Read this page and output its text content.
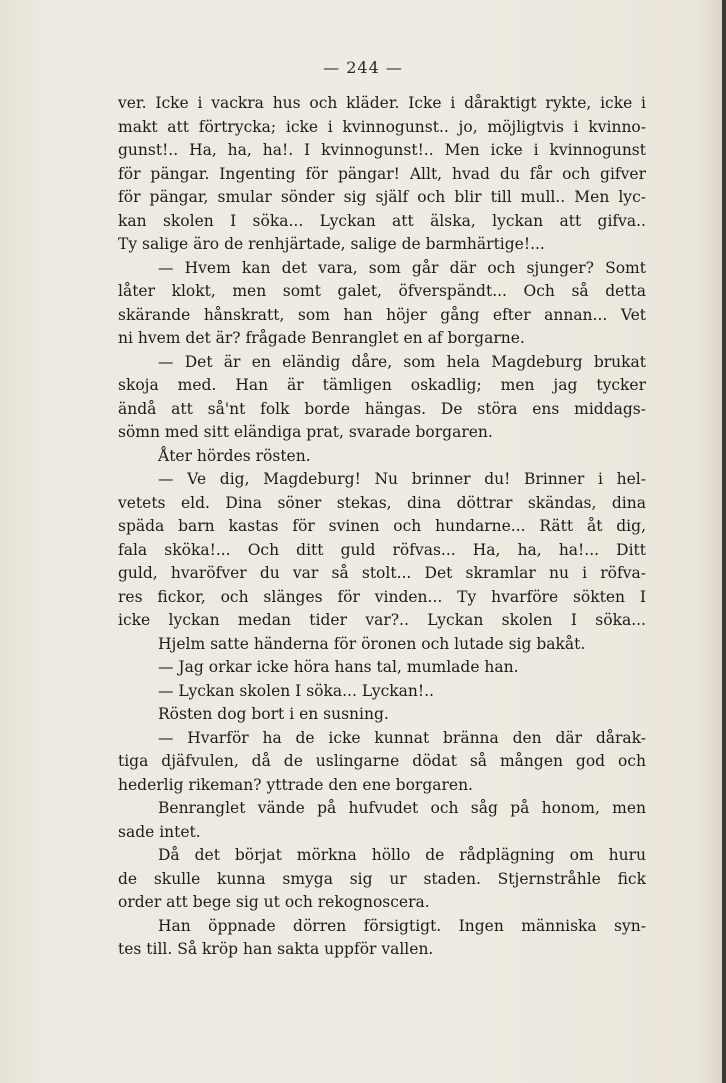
— 244 —
ver. Icke i vackra hus och kläder. Icke i dåraktigt rykte, icke i
makt att förtrycka; icke i kvinnogunst.. jo, möjligtvis i kvinno-
gunst!.. Ha, ha, ha!. I kvinnogunst!.. Men icke i kvinnogunst
för pängar. Ingenting för pängar! Allt, hvad du får och gifver
för pängar, smular sönder sig själf och blir till mull.. Men lyc-
kan skolen I söka... Lyckan att älska, lyckan att gifva..
Ty salige äro de renhjärtade, salige de barmhärtige!...
— Hvem kan det vara, som går där och sjunger? Somt
låter klokt, men somt galet, öfverspändt... Och så detta
skärande hånskratt, som han höjer gång efter annan... Vet
ni hvem det är? frågade Benranglet en af borgarne.
— Det är en eländig dåre, som hela Magdeburg brukat
skoja med. Han är tämligen oskadlig; men jag tycker
ändå att så'nt folk borde hängas. De störa ens middags-
sömn med sitt eländiga prat, svarade borgaren.
Åter hördes rösten.
— Ve dig, Magdeburg! Nu brinner du! Brinner i hel-
vetets eld. Dina söner stekas, dina döttrar skändas, dina
späda barn kastas för svinen och hundarne... Rätt åt dig,
fala sköka!... Och ditt guld röfvas... Ha, ha, ha!... Ditt
guld, hvaröfver du var så stolt... Det skramlar nu i röfva-
res fickor, och slänges för vinden... Ty hvarföre sökten I
icke lyckan medan tider var?.. Lyckan skolen I söka...
Hjelm satte händerna för öronen och lutade sig bakåt.
— Jag orkar icke höra hans tal, mumlade han.
— Lyckan skolen I söka... Lyckan!..
Rösten dog bort i en susning.
— Hvarför ha de icke kunnat bränna den där dårak-
tiga djäfvulen, då de uslingarne dödat så mången god och
hederlig rikeman? yttrade den ene borgaren.
Benranglet vände på hufvudet och såg på honom, men
sade intet.
Då det börjat mörkna höllo de rådplägning om huru
de skulle kunna smyga sig ur staden. Stjernstråhle fick
order att bege sig ut och rekognoscera.
Han öppnade dörren försigtigt. Ingen människa syn-
tes till. Så kröp han sakta uppför vallen.
